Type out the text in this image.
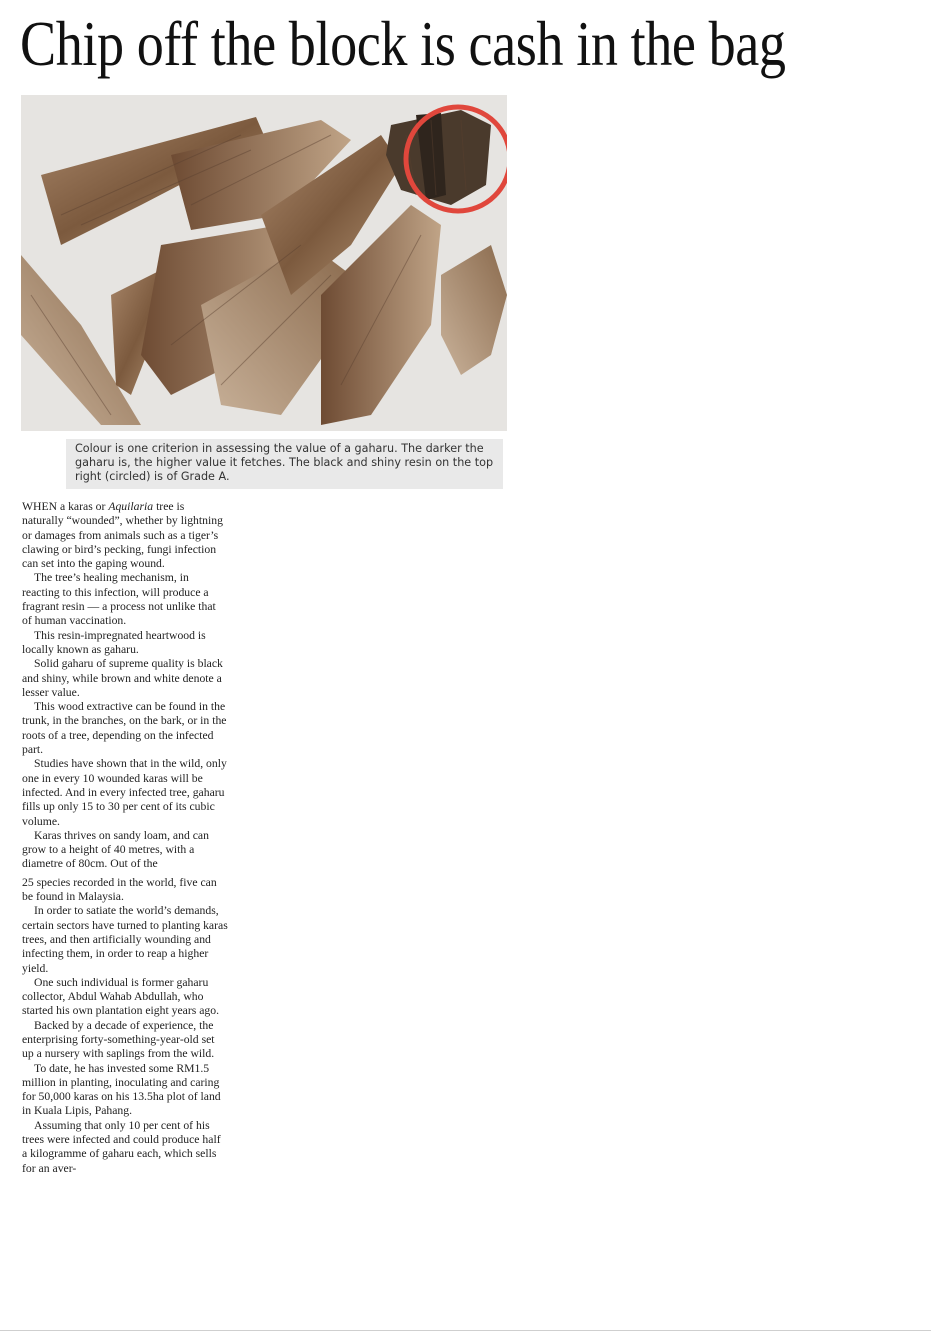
Chip off the block is cash in the bag

Colour is one criterion in assessing the value of a gaharu. The darker the gaharu is, the higher value it fetches. The black and shiny resin on the top right (circled) is of Grade A.

WHEN a karas or Aquilaria tree is naturally “wounded”, whether by lightning or damages from animals such as a tiger’s clawing or bird’s pecking, fungi infection can set into the gaping wound.

The tree’s healing mechanism, in reacting to this infection, will produce a fragrant resin — a process not unlike that of human vaccination.

This resin-impregnated heartwood is locally known as gaharu.

Solid gaharu of supreme quality is black and shiny, while brown and white denote a lesser value.

This wood extractive can be found in the trunk, in the branches, on the bark, or in the roots of a tree, depending on the infected part.

Studies have shown that in the wild, only one in every 10 wounded karas will be infected. And in every infected tree, gaharu fills up only 15 to 30 per cent of its cubic volume.

Karas thrives on sandy loam, and can grow to a height of 40 metres, with a diametre of 80cm. Out of the

25 species recorded in the world, five can be found in Malaysia.

In order to satiate the world’s demands, certain sectors have turned to planting karas trees, and then artificially wounding and infecting them, in order to reap a higher yield.

One such individual is former gaharu collector, Abdul Wahab Abdullah, who started his own plantation eight years ago.

Backed by a decade of experience, the enterprising forty-something-year-old set up a nursery with saplings from the wild.

To date, he has invested some RM1.5 million in planting, inoculating and caring for 50,000 karas on his 13.5ha plot of land in Kuala Lipis, Pahang.

Assuming that only 10 per cent of his trees were infected and could produce half a kilogramme of gaharu each, which sells for an aver-
